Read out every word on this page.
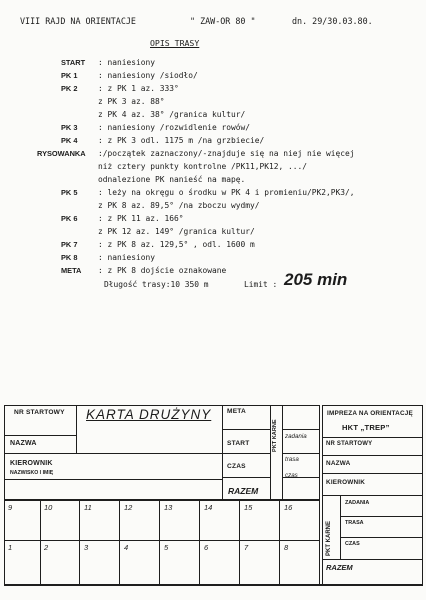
VIII RAJD NA ORIENTACJE	" ZAW-OR 80 "	dn. 29/30.03.80.
OPIS TRASY
START : naniesiony
PK 1	: naniesiony /siodło/
PK 2	: z PK 1 az. 333°
z PK 3 az. 88°
z PK 4 az. 38° /granica kultur/
PK 3	: naniesiony /rozwidlenie rowów/
PK 4	: z PK 3 odl. 1175 m /na grzbiecie/
RYSOWANKA :/początek zaznaczony/-znajduje się na niej nie więcej
niż cztery punkty kontrolne /PK11,PK12, .../
odnalezione PK nanieść na mapę.
PK 5	: leży na okręgu o środku w PK 4 i promieniu/PK2,PK3/,
z PK 8 az. 89,5° /na zboczu wydmy/
PK 6	: z PK 11 az. 166°
z PK 12 az. 149° /granica kultur/
PK 7	: z PK 8 az. 129,5° , odl. 1600 m
PK 8	: naniesiony
META : z PK 8 dojście oznakowane
Długość trasy:10 350 m	Limit : 205 min
NR STARTOWY KARTA DRUŻYNY META
START
CZAS
NAZWA
KIEROWNIK
NAZWISKO I IMIĘ
RAZEM
PKT KARNE zadania
trasa
czas
9	10	11	12	13	14	15	16
1	2	3	4	5	6	7	8
IMPREZA NA ORIENTACJĘ
HKT „TREP”
NR STARTOWY
NAZWA
KIEROWNIK
PKT KARNE
ZADANIA
TRASA
CZAS
RAZEM
